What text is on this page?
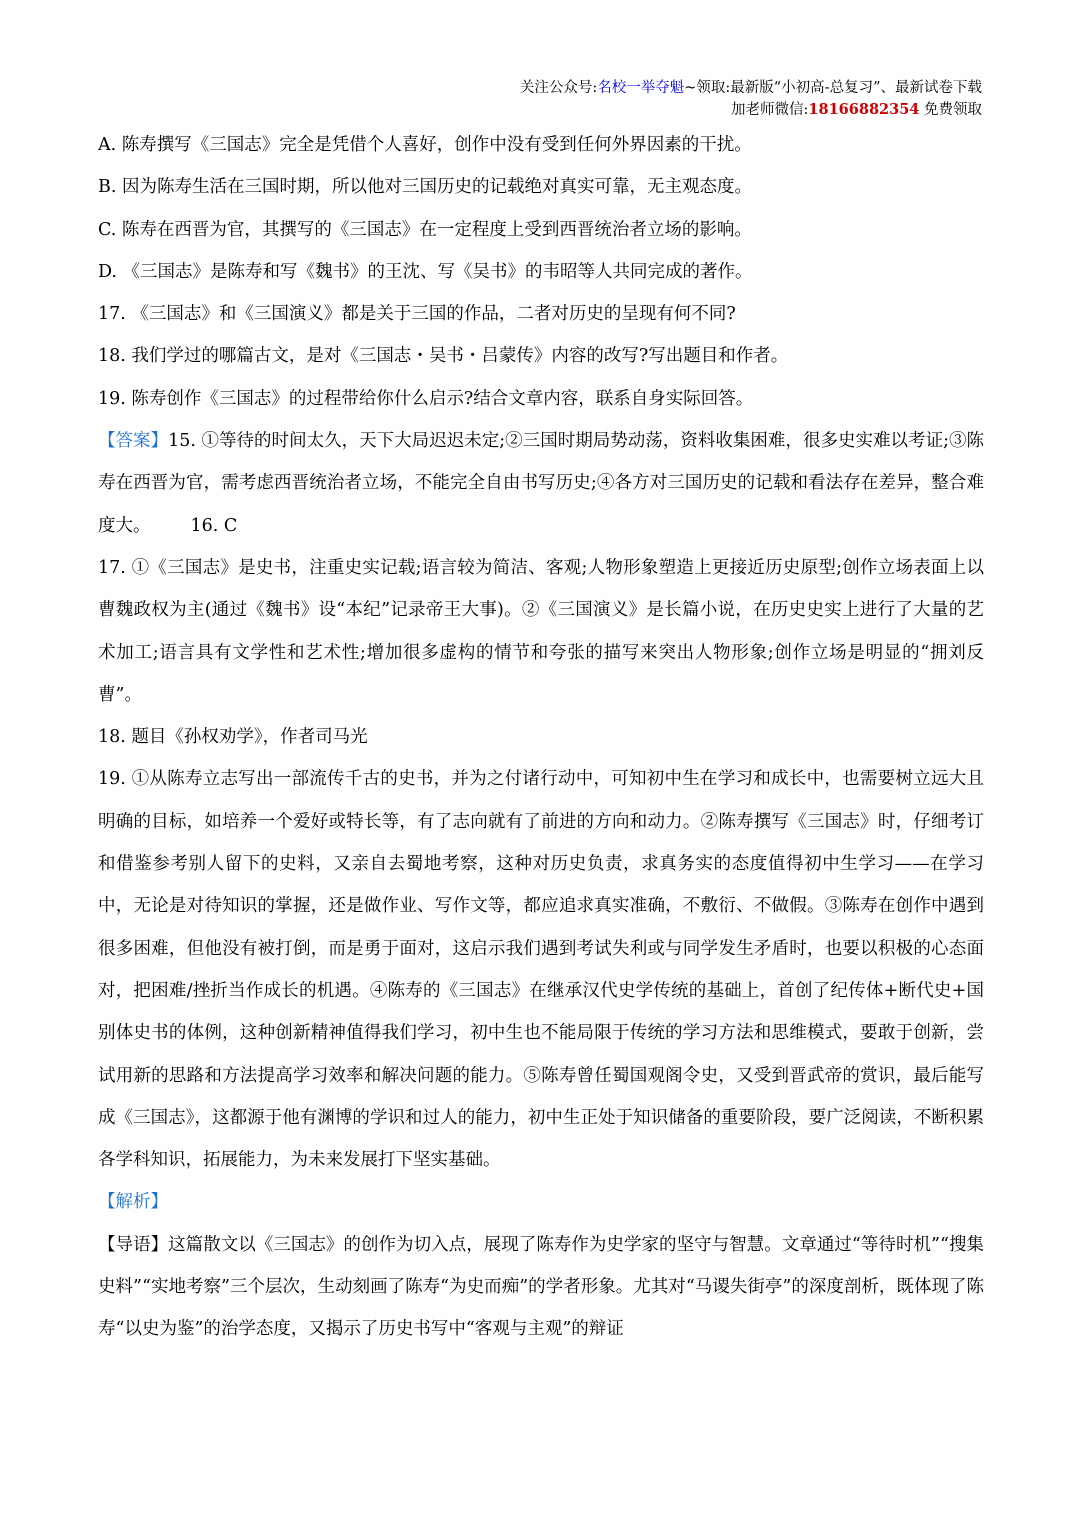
关注公众号:名校一举夺魁~领取:最新版“小初高-总复习”、最新试卷下载
加老师微信:18166882354 免费领取

A. 陈寿撰写《三国志》完全是凭借个人喜好，创作中没有受到任何外界因素的干扰。

B. 因为陈寿生活在三国时期，所以他对三国历史的记载绝对真实可靠，无主观态度。

C. 陈寿在西晋为官，其撰写的《三国志》在一定程度上受到西晋统治者立场的影响。

D. 《三国志》是陈寿和写《魏书》的王沈、写《吴书》的韦昭等人共同完成的著作。

17. 《三国志》和《三国演义》都是关于三国的作品，二者对历史的呈现有何不同?

18. 我们学过的哪篇古文，是对《三国志・吴书・吕蒙传》内容的改写?写出题目和作者。

19. 陈寿创作《三国志》的过程带给你什么启示?结合文章内容，联系自身实际回答。

【答案】15. ①等待的时间太久，天下大局迟迟未定;②三国时期局势动荡，资料收集困难，很多史实难以考证;③陈寿在西晋为官，需考虑西晋统治者立场，不能完全自由书写历史;④各方对三国历史的记载和看法存在差异，整合难度大。 16. C

17. ①《三国志》是史书，注重史实记载;语言较为简洁、客观;人物形象塑造上更接近历史原型;创作立场表面上以曹魏政权为主(通过《魏书》设“本纪”记录帝王大事)。②《三国演义》是长篇小说，在历史史实上进行了大量的艺术加工;语言具有文学性和艺术性;增加很多虚构的情节和夸张的描写来突出人物形象;创作立场是明显的“拥刘反曹”。

18. 题目《孙权劝学》，作者司马光

19. ①从陈寿立志写出一部流传千古的史书，并为之付诸行动中，可知初中生在学习和成长中，也需要树立远大且明确的目标，如培养一个爱好或特长等，有了志向就有了前进的方向和动力。②陈寿撰写《三国志》时，仔细考订和借鉴参考别人留下的史料，又亲自去蜀地考察，这种对历史负责，求真务实的态度值得初中生学习——在学习中，无论是对待知识的掌握，还是做作业、写作文等，都应追求真实准确，不敷衍、不做假。③陈寿在创作中遇到很多困难，但他没有被打倒，而是勇于面对，这启示我们遇到考试失利或与同学发生矛盾时，也要以积极的心态面对，把困难/挫折当作成长的机遇。④陈寿的《三国志》在继承汉代史学传统的基础上，首创了纪传体+断代史+国别体史书的体例，这种创新精神值得我们学习，初中生也不能局限于传统的学习方法和思维模式，要敢于创新，尝试用新的思路和方法提高学习效率和解决问题的能力。⑤陈寿曾任蜀国观阁令史，又受到晋武帝的赏识，最后能写成《三国志》，这都源于他有渊博的学识和过人的能力，初中生正处于知识储备的重要阶段，要广泛阅读，不断积累各学科知识，拓展能力，为未来发展打下坚实基础。

【解析】

【导语】这篇散文以《三国志》的创作为切入点，展现了陈寿作为史学家的坚守与智慧。文章通过“等待时机”“搜集史料”“实地考察”三个层次，生动刻画了陈寿“为史而痴”的学者形象。尤其对“马谡失街亭”的深度剖析，既体现了陈寿“以史为鉴”的治学态度，又揭示了历史书写中“客观与主观”的辩证
